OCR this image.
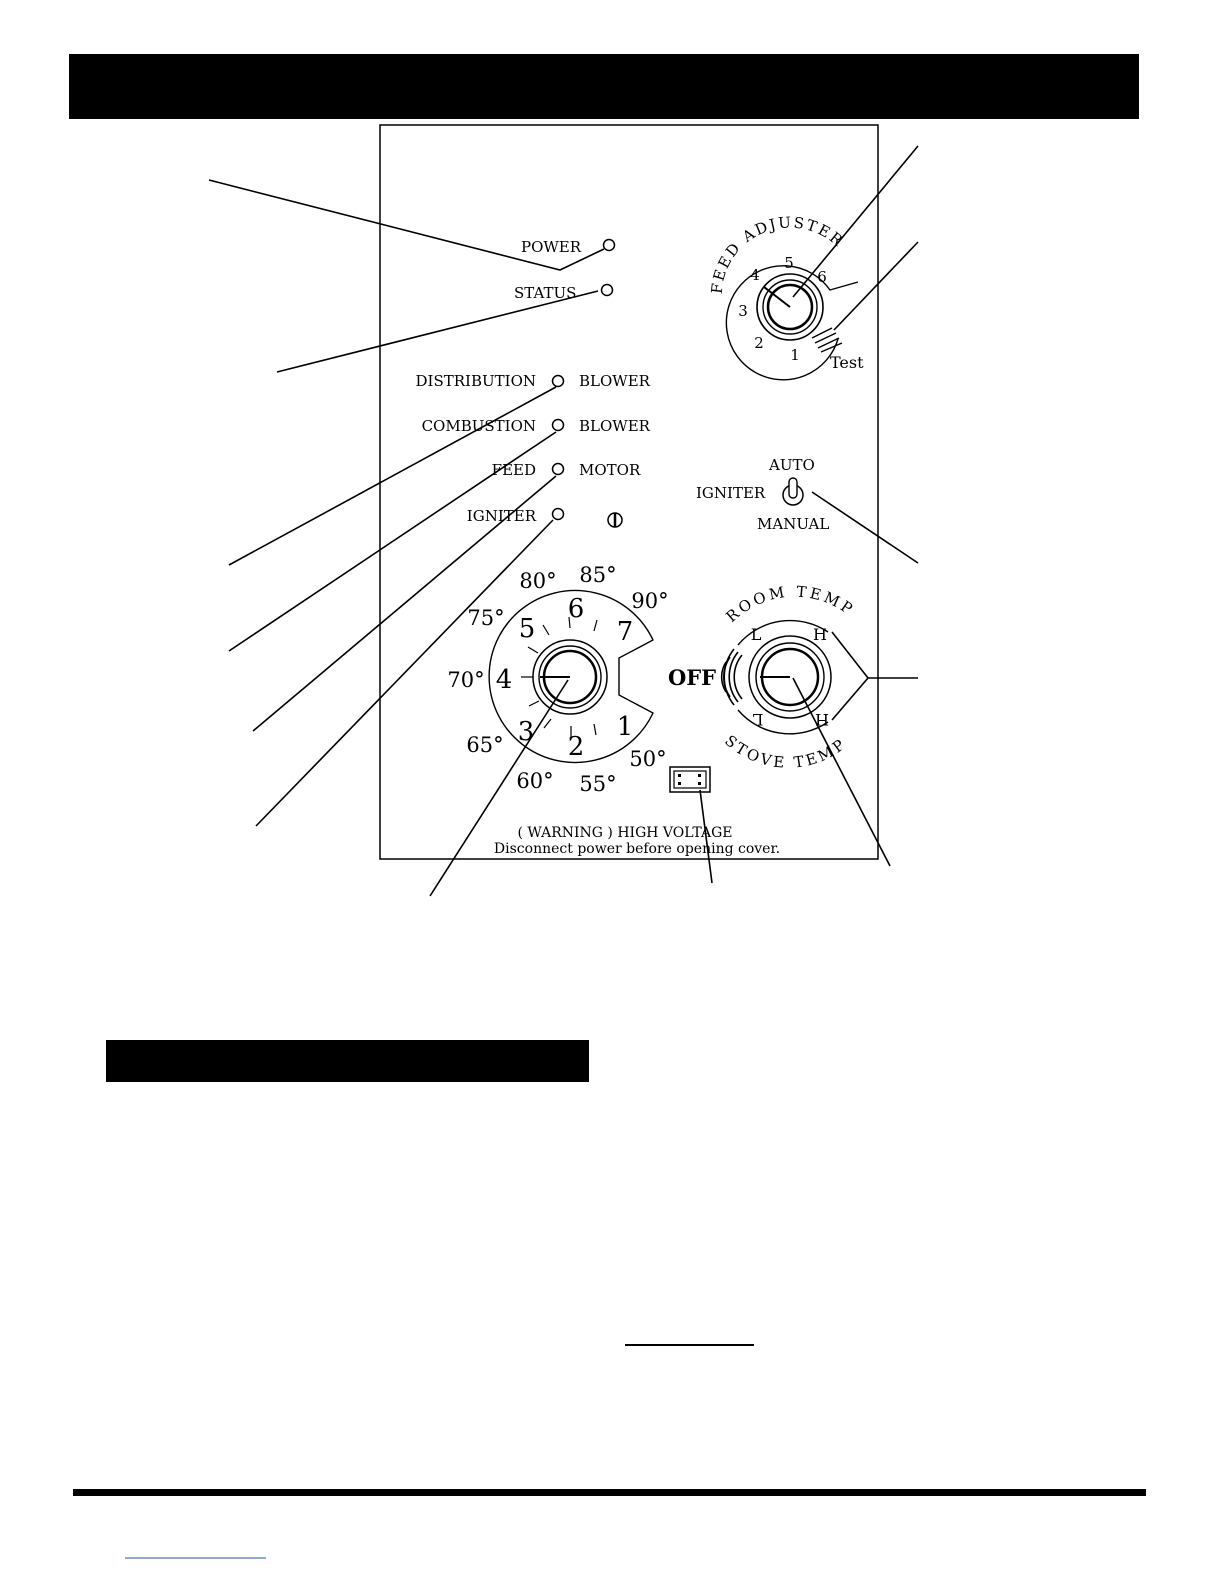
POWER
STATUS
DISTRIBUTION	BLOWER
COMBUSTION	BLOWER
FEED	MOTOR
IGNITER
FEED ADJUSTER
1
2
3
4
5
6
Test
AUTO
IGNITER
MANUAL
1
2
3
4
5
6
7
50°
55°
60°
65°
70°
75°
80° 85°
90°
ROOM TEMP
STOVE TEMP
OFF
L	H
L	H
( WARNING ) HIGH VOLTAGE
Disconnect power before opening cover.
